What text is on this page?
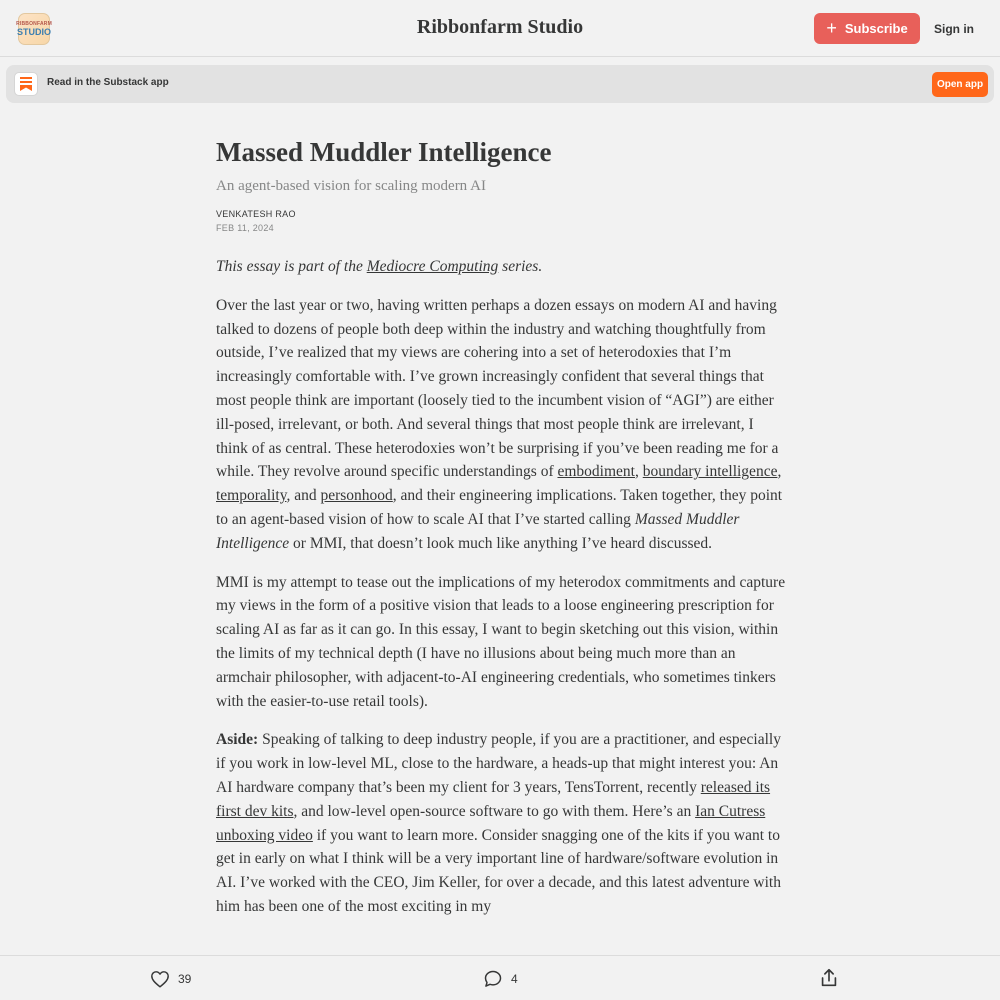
RIBBONFARM
STUDIO	Ribbonfarm Studio	+ Subscribe	Sign in
Read in the Substack app	Open app
Massed Muddler Intelligence
An agent-based vision for scaling modern AI
VENKATESH RAO
FEB 11, 2024

This essay is part of the Mediocre Computing series.

Over the last year or two, having written perhaps a dozen essays on modern AI and having talked to dozens of people both deep within the industry and watching thoughtfully from outside, I’ve realized that my views are cohering into a set of heterodoxies that I’m increasingly comfortable with. I’ve grown increasingly confident that several things that most people think are important (loosely tied to the incumbent vision of “AGI”) are either ill-posed, irrelevant, or both. And several things that most people think are irrelevant, I think of as central. These heterodoxies won’t be surprising if you’ve been reading me for a while. They revolve around specific understandings of embodiment, boundary intelligence, temporality, and personhood, and their engineering implications. Taken together, they point to an agent-based vision of how to scale AI that I’ve started calling Massed Muddler Intelligence or MMI, that doesn’t look much like anything I’ve heard discussed.

MMI is my attempt to tease out the implications of my heterodox commitments and capture my views in the form of a positive vision that leads to a loose engineering prescription for scaling AI as far as it can go. In this essay, I want to begin sketching out this vision, within the limits of my technical depth (I have no illusions about being much more than an armchair philosopher, with adjacent-to-AI engineering credentials, who sometimes tinkers with the easier-to-use retail tools).

Aside: Speaking of talking to deep industry people, if you are a practitioner, and especially if you work in low-level ML, close to the hardware, a heads-up that might interest you: An AI hardware company that’s been my client for 3 years, TensTorrent, recently released its first dev kits, and low-level open-source software to go with them. Here’s an Ian Cutress unboxing video if you want to learn more. Consider snagging one of the kits if you want to get in early on what I think will be a very important line of hardware/software evolution in AI. I’ve worked with the CEO, Jim Keller, for over a decade, and this latest adventure with him has been one of the most exciting in my

39	4
